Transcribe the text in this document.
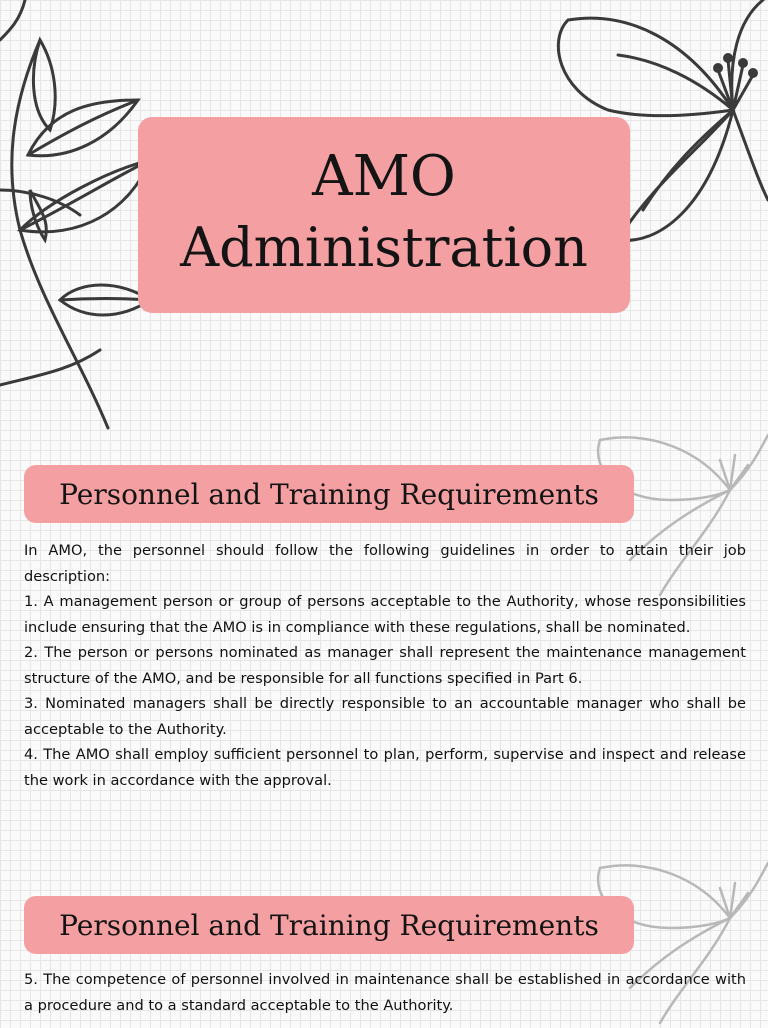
AMO
Administration
Personnel and Training Requirements

In AMO, the personnel should follow the following guidelines in order to attain their job description:

1. A management person or group of persons acceptable to the Authority, whose responsibilities include ensuring that the AMO is in compliance with these regulations, shall be nominated.

2. The person or persons nominated as manager shall represent the maintenance management structure of the AMO, and be responsible for all functions specified in Part 6.

3. Nominated managers shall be directly responsible to an accountable manager who shall be acceptable to the Authority.

4. The AMO shall employ sufficient personnel to plan, perform, supervise and inspect and release the work in accordance with the approval.

Personnel and Training Requirements

5. The competence of personnel involved in maintenance shall be established in accordance with a procedure and to a standard acceptable to the Authority.
